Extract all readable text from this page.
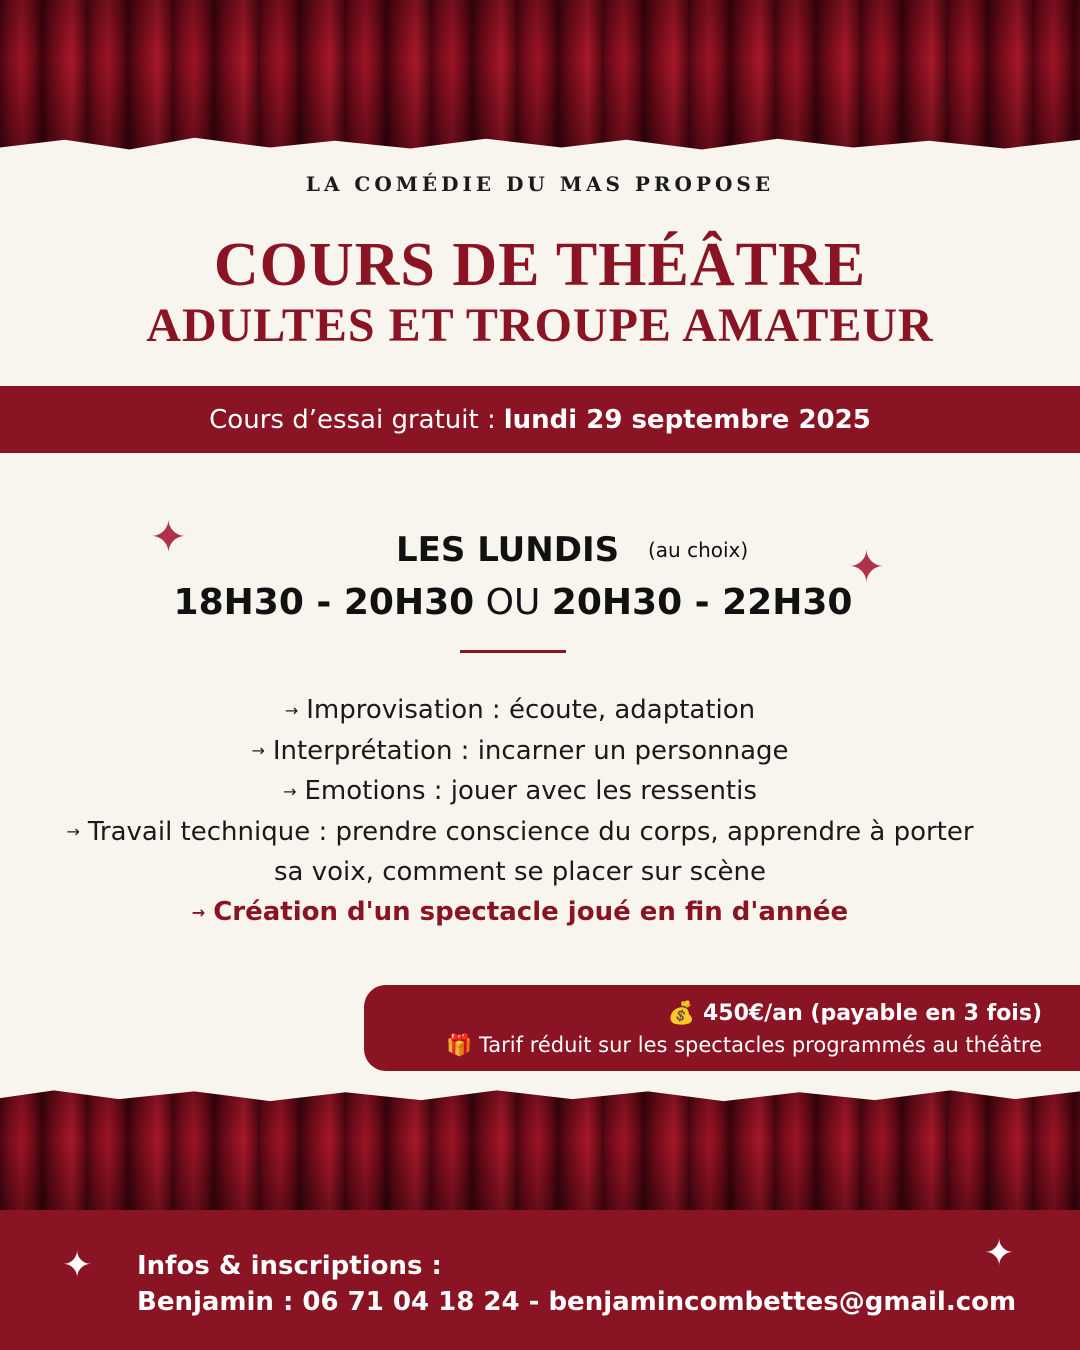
LA COMÉDIE DU MAS PROPOSE
COURS DE THÉÂTRE
ADULTES ET TROUPE AMATEUR
Cours d’essai gratuit : lundi 29 septembre 2025
✦
✦
LES LUNDIS (au choix)
18H30 - 20H30 OU 20H30 - 22H30
→ Improvisation : écoute, adaptation
→ Interprétation : incarner un personnage
→ Emotions : jouer avec les ressentis
→ Travail technique : prendre conscience du corps, apprendre à porter
sa voix, comment se placer sur scène
→ Création d'un spectacle joué en fin d'année
💰 450€/an (payable en 3 fois)
🎁 Tarif réduit sur les spectacles programmés au théâtre
✦	✦
Infos & inscriptions :
Benjamin : 06 71 04 18 24 - benjamincombettes@gmail.com
